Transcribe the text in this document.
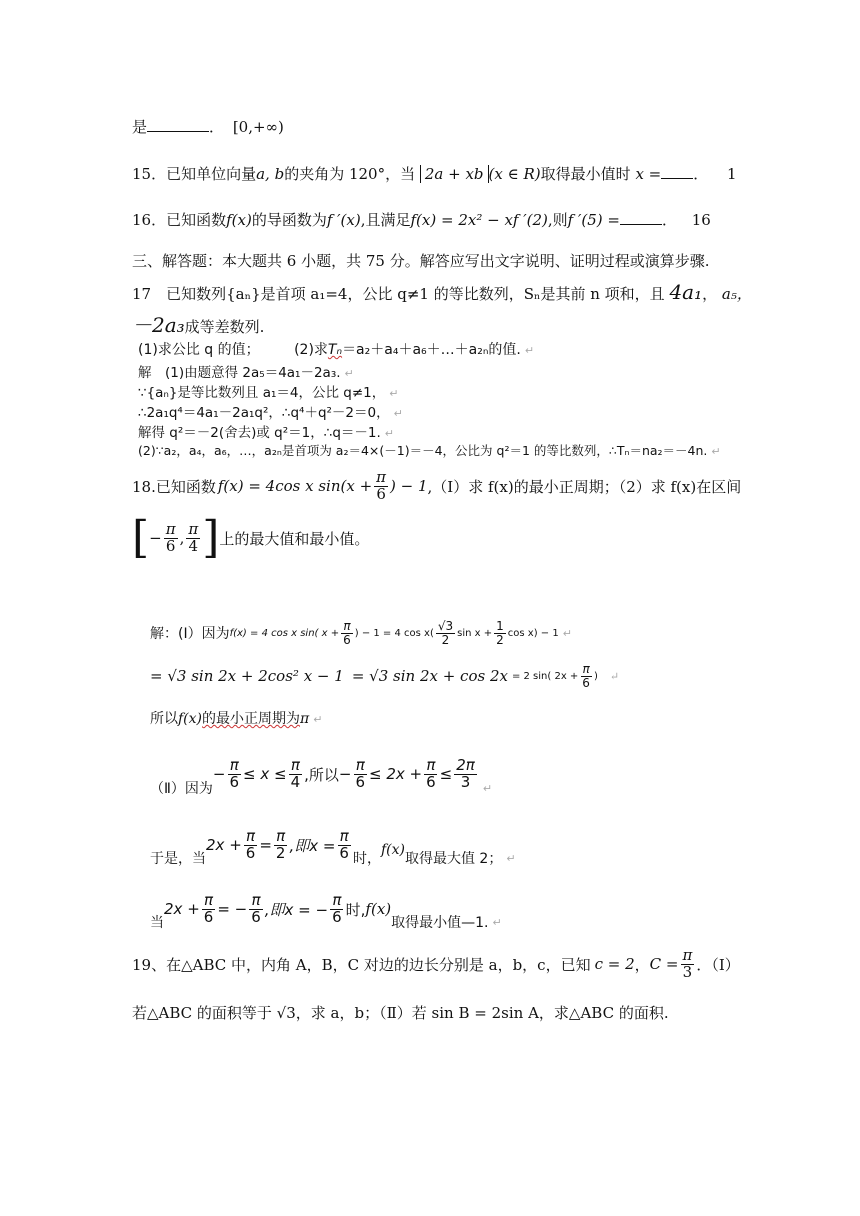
是	． [0,+∞)
15．已知单位向量a, b的夹角为 120°，当 2a + xb (x ∈ R)取得最小值时 x = ． 1
16．已知函数f(x)的导函数为f ′(x),且满足f(x) = 2x² − xf ′(2),则f ′(5) =	． 16
三、解答题：本大题共 6 小题，共 75 分。解答应写出文字说明、证明过程或演算步骤.
17　已知数列{aₙ}是首项 a₁=4，公比 q≠1 的等比数列，Sₙ是其前 n 项和，且 4a₁， a₅，
－2a₃成等差数列.
(1)求公比 q 的值； (2)求Tₙ＝a₂＋a₄＋a₆＋…＋a₂ₙ的值. ↵
解　(1)由题意得 2a₅＝4a₁－2a₃. ↵
∵{aₙ}是等比数列且 a₁＝4，公比 q≠1， ↵
∴2a₁q⁴＝4a₁－2a₁q²，∴q⁴＋q²－2＝0， ↵
解得 q²＝－2(舍去)或 q²＝1，∴q＝－1. ↵
(2)∵a₂，a₄，a₆，…，a₂ₙ是首项为 a₂＝4×(－1)＝－4，公比为 q²＝1 的等比数列，∴Tₙ＝na₂＝－4n. ↵
18.已知函数 f(x) = 4cos x $\sin(x + \frac{\pi}{6}$ ) − 1 ,（Ⅰ）求 f(x)的最小正周期；（2）求 f(x)在区间
[ − $\frac{\pi}{6}$ , $\frac{\pi}{4}$ ] 上的最大值和最小值。
解：(Ⅰ）因为 f(x) = 4 cos x sin( $x + \frac{\pi}{6}$ ) − 1 = 4 $\cos x( \frac{√3}{2}$ $\sin x + \frac{1}{2}$ cos x) − 1 ↵
= √3 sin 2x + 2cos² x − 1 = √3 sin 2x + cos 2x = 2 sin( $2x + \frac{\pi}{6}$ ) ↵
所以f(x)的最小正周期为π ↵
（Ⅱ）因为
− $\frac{\pi}{6} \le x \le \frac{\pi}{4}$ ,所以 − $\frac{\pi}{6} \le 2x + \frac{\pi}{6} \le \frac{2\pi}{3}$ ↵
于是，当
$2x + \frac{\pi}{6} = \frac{\pi}{2}$ ,即$x = \frac{\pi}{6}$ 时，
f(x)
取得最大值 2； ↵
当
$2x + \frac{\pi}{6}$ = − $\frac{\pi}{6}$ ,即x = − $\frac{\pi}{6}$ 时, f(x)
取得最小值—1. ↵
19、在△ABC 中，内角 A，B，C 对边的边长分别是 a，b，c，已知 c = 2 ， $C = \frac{\pi}{3}$ ．（Ⅰ）
若△ABC 的面积等于 √3，求 a，b；（Ⅱ）若 sin B = 2sin A，求△ABC 的面积.
